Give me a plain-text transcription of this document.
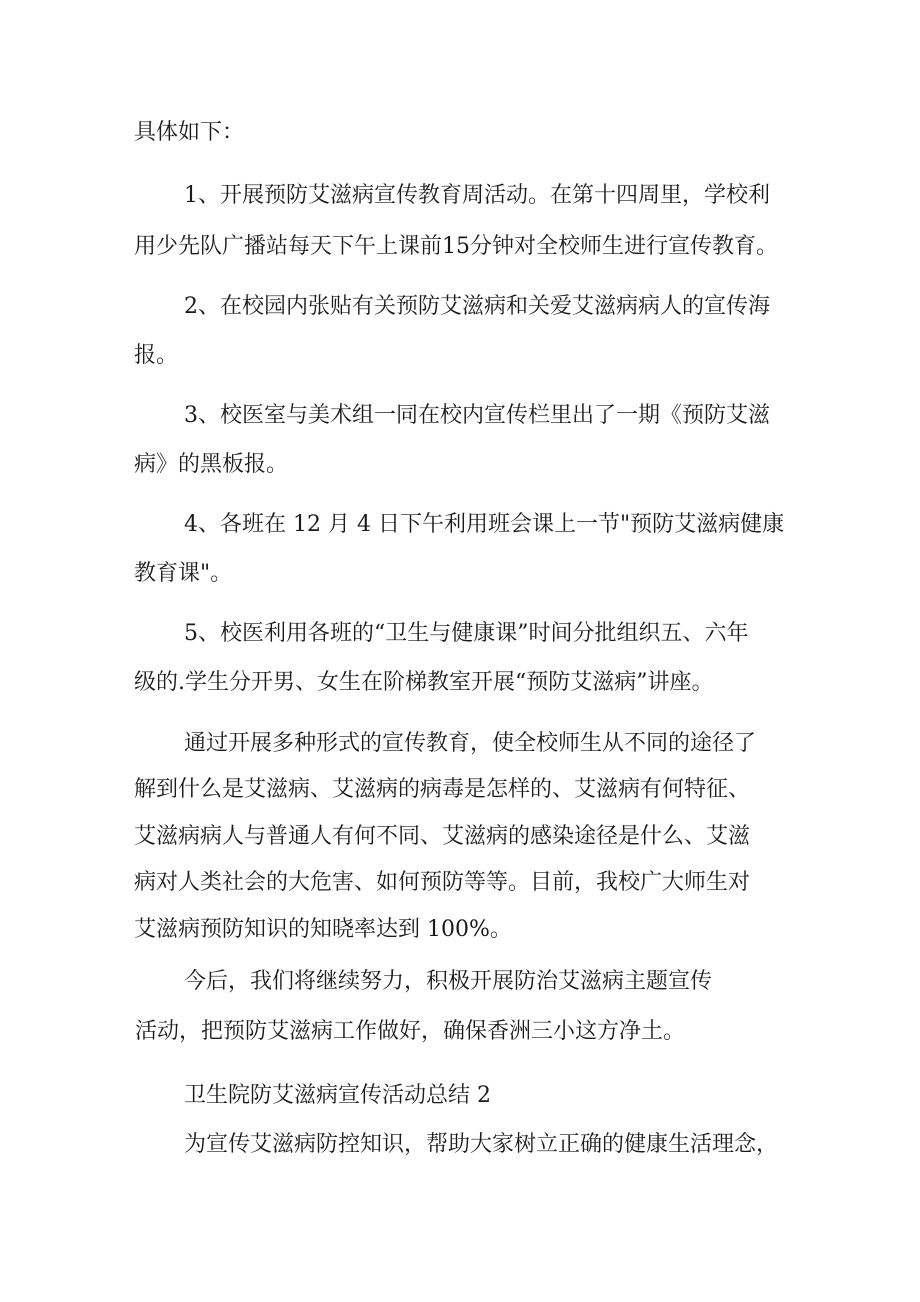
具体如下：
1、开展预防艾滋病宣传教育周活动。在第十四周里，学校利
用少先队广播站每天下午上课前15分钟对全校师生进行宣传教育。
2、在校园内张贴有关预防艾滋病和关爱艾滋病病人的宣传海
报。
3、校医室与美术组一同在校内宣传栏里出了一期《预防艾滋
病》的黑板报。
4、各班在 12 月 4 日下午利用班会课上一节"预防艾滋病健康
教育课"。
5、校医利用各班的“卫生与健康课”时间分批组织五、六年
级的.学生分开男、女生在阶梯教室开展“预防艾滋病”讲座。
通过开展多种形式的宣传教育，使全校师生从不同的途径了
解到什么是艾滋病、艾滋病的病毒是怎样的、艾滋病有何特征、
艾滋病病人与普通人有何不同、艾滋病的感染途径是什么、艾滋
病对人类社会的大危害、如何预防等等。目前，我校广大师生对
艾滋病预防知识的知晓率达到 100%。
今后，我们将继续努力，积极开展防治艾滋病主题宣传
活动，把预防艾滋病工作做好，确保香洲三小这方净土。
卫生院防艾滋病宣传活动总结 2
为宣传艾滋病防控知识，帮助大家树立正确的健康生活理念，
